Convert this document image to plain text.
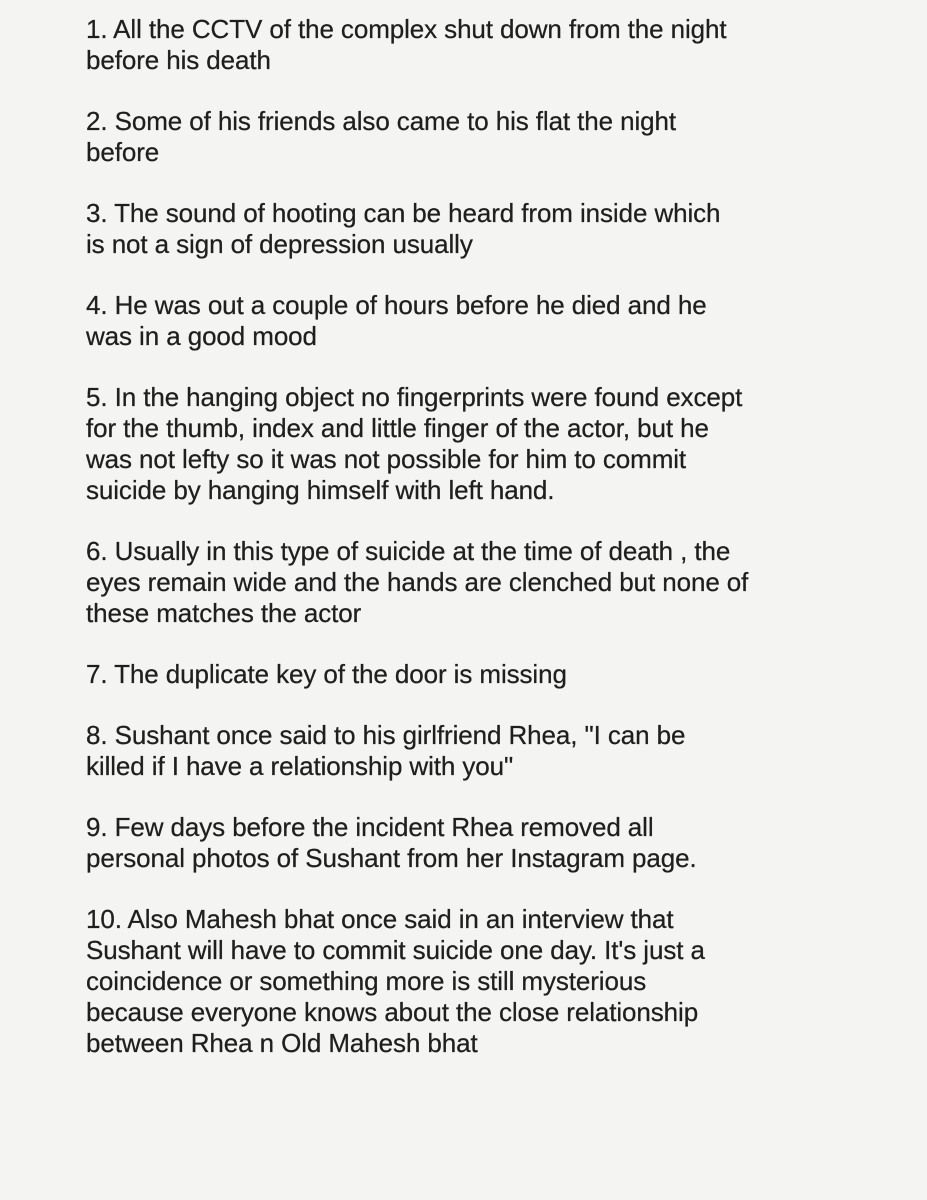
1. All the CCTV of the complex shut down from the night
before his death
2. Some of his friends also came to his flat the night
before
3. The sound of hooting can be heard from inside which
is not a sign of depression usually
4. He was out a couple of hours before he died and he
was in a good mood
5. In the hanging object no fingerprints were found except
for the thumb, index and little finger of the actor, but he
was not lefty so it was not possible for him to commit
suicide by hanging himself with left hand.
6. Usually in this type of suicide at the time of death , the
eyes remain wide and the hands are clenched but none of
these matches the actor
7. The duplicate key of the door is missing
8. Sushant once said to his girlfriend Rhea, "I can be
killed if I have a relationship with you"
9. Few days before the incident Rhea removed all
personal photos of Sushant from her Instagram page.
10. Also Mahesh bhat once said in an interview that
Sushant will have to commit suicide one day. It's just a
coincidence or something more is still mysterious
because everyone knows about the close relationship
between Rhea n Old Mahesh bhat
